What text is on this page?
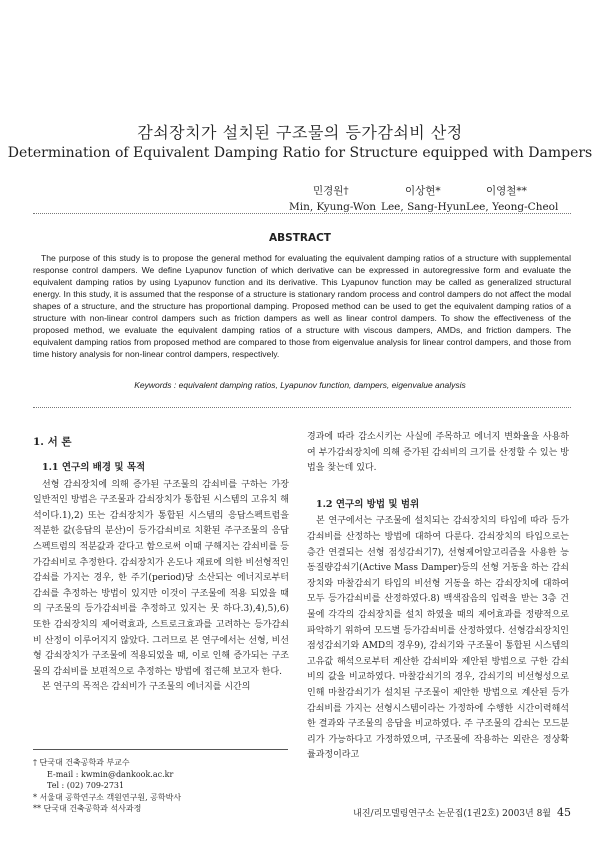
감쇠장치가 설치된 구조물의 등가감쇠비 산정
Determination of Equivalent Damping Ratio for Structure equipped with Dampers
민경원†
Min, Kyung-Won
이상현*
Lee, Sang-Hyun
이영철**
Lee, Yeong-Cheol
ABSTRACT
The purpose of this study is to propose the general method for evaluating the equivalent damping ratios of a structure with supplemental response control dampers. We define Lyapunov function of which derivative can be expressed in autoregressive form and evaluate the equivalent damping ratios by using Lyapunov function and its derivative. This Lyapunov function may be called as generalized structural energy. In this study, it is assumed that the response of a structure is stationary random process and control dampers do not affect the modal shapes of a structure, and the structure has proportional damping. Proposed method can be used to get the equivalent damping ratios of a structure with non-linear control dampers such as friction dampers as well as linear control dampers. To show the effectiveness of the proposed method, we evaluate the equivalent damping ratios of a structure with viscous dampers, AMDs, and friction dampers. The equivalent damping ratios from proposed method are compared to those from eigenvalue analysis for linear control dampers, and those from time history analysis for non-linear control dampers, respectively.
Keywords : equivalent damping ratios, Lyapunov function, dampers, eigenvalue analysis
1. 서 론
1.1 연구의 배경 및 목적

선형 감쇠장치에 의해 증가된 구조물의 감쇠비를 구하는 가장 일반적인 방법은 구조물과 감쇠장치가 통합된 시스템의 고유치 해석이다.1),2) 또는 감쇠장치가 통합된 시스템의 응답스펙트럼을 적분한 값(응답의 분산)이 등가감쇠비로 치환된 주구조물의 응답스펙트럼의 적분값과 같다고 함으로써 이때 구해지는 감쇠비를 등가감쇠비로 추정한다. 감쇠장치가 온도나 재료에 의한 비선형적인 감쇠를 가지는 경우, 한 주기(period)당 소산되는 에너지로부터 감쇠를 추정하는 방법이 있지만 이것이 구조물에 적용 되었을 때의 구조물의 등가감쇠비를 추정하고 있지는 못 하다.3),4),5),6) 또한 감쇠장치의 제어력효과, 스트로크효과를 고려하는 등가감쇠비 산정이 이루어지지 않았다. 그러므로 본 연구에서는 선형, 비선형 감쇠장치가 구조물에 적용되었을 때, 이로 인해 증가되는 구조물의 감쇠비를 보편적으로 추정하는 방법에 접근해 보고자 한다.

본 연구의 목적은 감쇠비가 구조물의 에너지를 시간의

† 단국대 건축공학과 부교수
E-mail : kwmin@dankook.ac.kr
Tel : (02) 709-2731
* 서울대 공학연구소 객원연구원, 공학박사
** 단국대 건축공학과 석사과정

경과에 따라 감소시키는 사실에 주목하고 에너지 변화율을 사용하여 부가감쇠장치에 의해 증가된 감쇠비의 크기를 산정할 수 있는 방법을 찾는데 있다.

1.2 연구의 방법 및 범위

본 연구에서는 구조물에 설치되는 감쇠장치의 타입에 따라 등가감쇠비를 산정하는 방법에 대하여 다룬다. 감쇠장치의 타입으로는 층간 연결되는 선형 점성감쇠기7), 선형제어알고리즘을 사용한 능동질량감쇠기(Active Mass Damper)등의 선형 거동을 하는 감쇠장치와 마찰감쇠기 타입의 비선형 거동을 하는 감쇠장치에 대하여 모두 등가감쇠비를 산정하였다.8) 백색잡음의 입력을 받는 3층 건물에 각각의 감쇠장치를 설치 하였을 때의 제어효과를 정량적으로 파악하기 위하여 모드별 등가감쇠비를 산정하였다. 선형감쇠장치인 점성감쇠기와 AMD의 경우9), 감쇠기와 구조물이 통합된 시스템의 고유값 해석으로부터 계산한 감쇠비와 제안된 방법으로 구한 감쇠비의 값을 비교하였다. 마찰감쇠기의 경우, 감쇠기의 비선형성으로 인해 마찰감쇠기가 설치된 구조물이 제안한 방법으로 계산된 등가감쇠비를 가지는 선형시스템이라는 가정하에 수행한 시간이력해석한 결과와 구조물의 응답을 비교하였다. 주 구조물의 감쇠는 모드분리가 가능하다고 가정하였으며, 구조물에 작용하는 외란은 정상확률과정이라고

내진/리모델링연구소 논문집(1권2호) 2003년 8월 45
